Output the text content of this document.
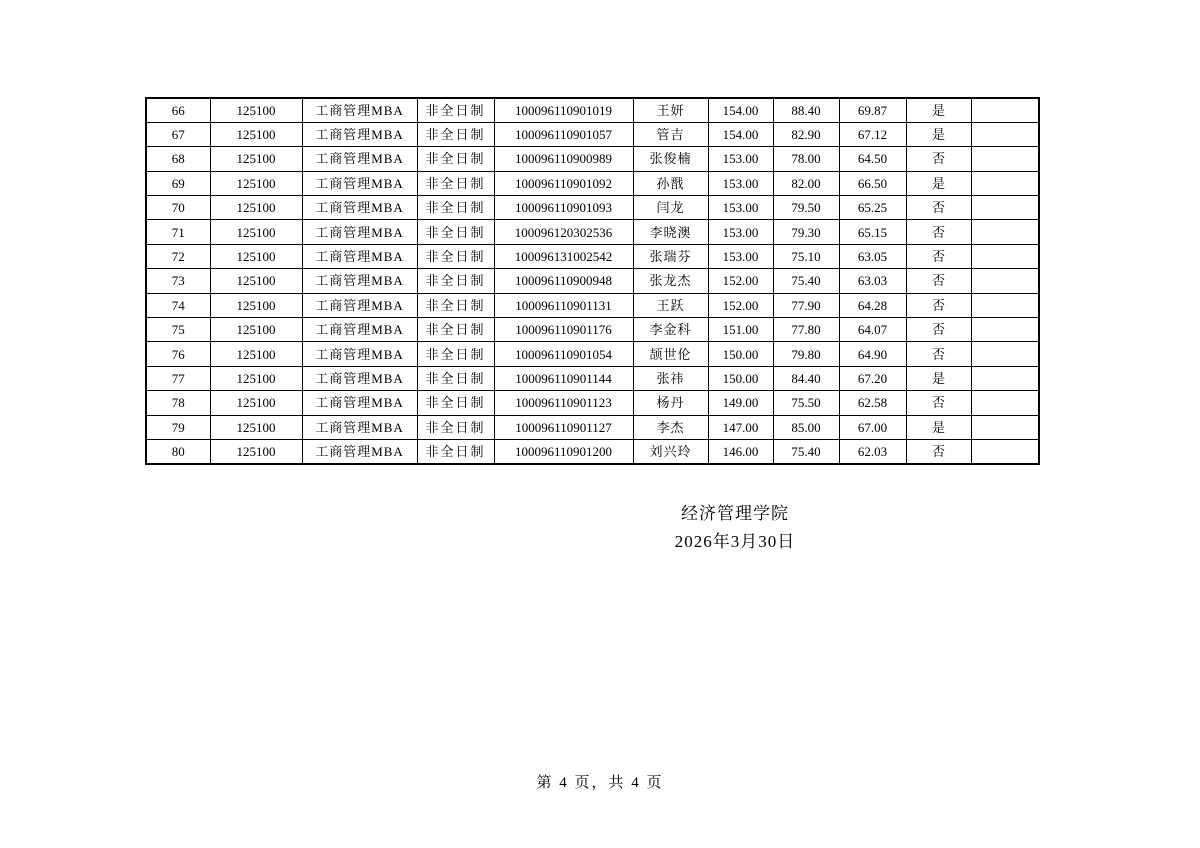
66	125100	工商管理MBA	非全日制	100096110901019	王妍	154.00	88.40	69.87	是	
67	125100	工商管理MBA	非全日制	100096110901057	管吉	154.00	82.90	67.12	是	
68	125100	工商管理MBA	非全日制	100096110900989	张俊楠	153.00	78.00	64.50	否	
69	125100	工商管理MBA	非全日制	100096110901092	孙戬	153.00	82.00	66.50	是	
70	125100	工商管理MBA	非全日制	100096110901093	闫龙	153.00	79.50	65.25	否	
71	125100	工商管理MBA	非全日制	100096120302536	李晓澳	153.00	79.30	65.15	否	
72	125100	工商管理MBA	非全日制	100096131002542	张瑞芬	153.00	75.10	63.05	否	
73	125100	工商管理MBA	非全日制	100096110900948	张龙杰	152.00	75.40	63.03	否	
74	125100	工商管理MBA	非全日制	100096110901131	王跃	152.00	77.90	64.28	否	
75	125100	工商管理MBA	非全日制	100096110901176	李金科	151.00	77.80	64.07	否	
76	125100	工商管理MBA	非全日制	100096110901054	颉世伦	150.00	79.80	64.90	否	
77	125100	工商管理MBA	非全日制	100096110901144	张祎	150.00	84.40	67.20	是	
78	125100	工商管理MBA	非全日制	100096110901123	杨丹	149.00	75.50	62.58	否	
79	125100	工商管理MBA	非全日制	100096110901127	李杰	147.00	85.00	67.00	是	
80	125100	工商管理MBA	非全日制	100096110901200	刘兴玲	146.00	75.40	62.03	否	
经济管理学院
2026年3月30日
第 4 页，共 4 页
